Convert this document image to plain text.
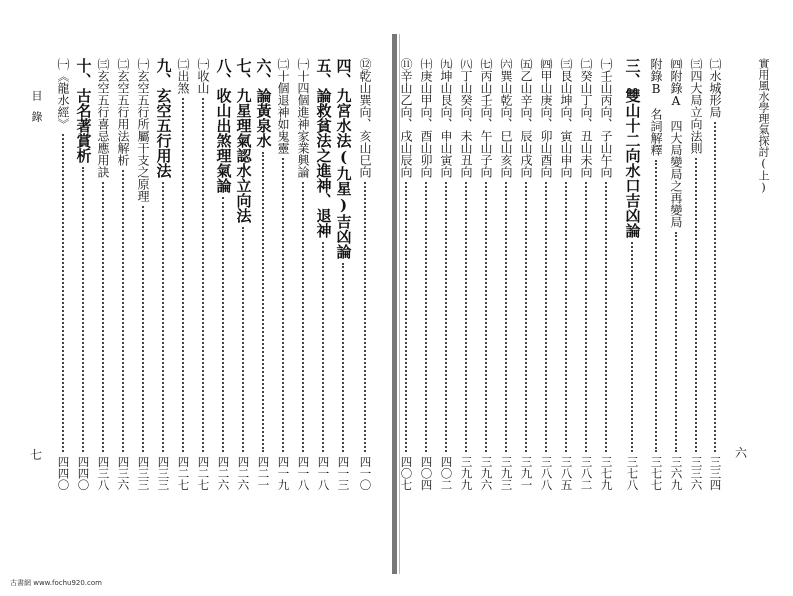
實用風水學理氣探討(上)
六
目錄
七
㈡水城形局
三三四
㈢四大局立向法則
三三六
㈣附錄A　四大局變局之再變局
三六九
附錄B　名詞解釋
三七七
三、雙山十二向水口吉凶論
三七八
㈠壬山丙向、子山午向
三七九
㈡癸山丁向、丑山未向
三八二
㈢艮山坤向、寅山申向
三八五
㈣甲山庚向、卯山酉向
三八八
㈤乙山辛向、辰山戌向
三九一
㈥巽山乾向、巳山亥向
三九三
㈦丙山壬向、午山子向
三九六
㈧丁山癸向、未山丑向
三九九
㈨坤山艮向、申山寅向
四〇二
㈩庚山甲向、酉山卯向
四〇四
⑪辛山乙向、戌山辰向
四〇七
⑫乾山巽向、亥山巳向
四一〇
四、九宮水法(九星)吉凶論
四一三
五、論救貧法之進神、退神
四一八
㈠十四個進神家業興論
四一八
㈡十個退神如鬼靈
四一九
六、論黃泉水
四二一
七、九星理氣認水立向法
四二六
八、收山出煞理氣論
四二六
㈠收山
四二七
㈡出煞
四二七
九、玄空五行用法
四三三
㈠玄空五行所屬干支之原理
四三三
㈡玄空五行用法解析
四三六
㈢玄空五行喜忌應用訣
四三八
十、古名著賞析
四四〇
㈠《龍水經》
四四〇
古書網 www.fochu920.com
